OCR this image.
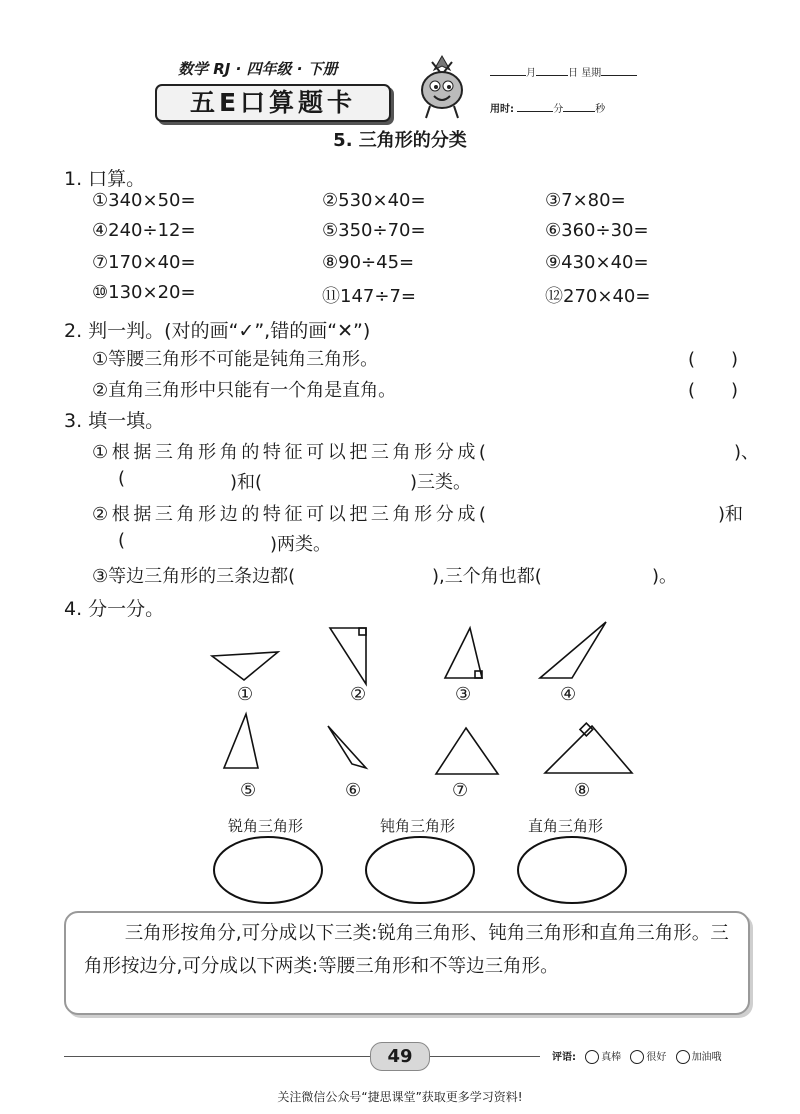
数学 RJ · 四年级 · 下册
五E口算题卡
月	日 星期
用时:	分	秒
5. 三角形的分类
1. 口算。
①340×50=	②530×40=	③7×80=
④240÷12=	⑤350÷70=	⑥360÷30=
⑦170×40=	⑧90÷45=	⑨430×40=
⑩130×20=	⑪147÷7=	⑫270×40=
2. 判一判。(对的画“✓”,错的画“✕”)
①等腰三角形不可能是钝角三角形。	(　　)
②直角三角形中只能有一个角是直角。	(　　)
3. 填一填。
①根据三角形角的特征可以把三角形分成(	)、
(	)和(	)三类。
②根据三角形边的特征可以把三角形分成(	)和
(	)两类。
③等边三角形的三条边都(	),三个角也都(	)。
4. 分一分。
①	②	③	④
⑤	⑥	⑦	⑧
锐角三角形	钝角三角形	直角三角形

三角形按角分,可分成以下三类:锐角三角形、钝角三角形和直角三角形。三角形按边分,可分成以下两类:等腰三角形和不等边三角形。

49	评语:	真棒	很好	加油哦
关注微信公众号“捷思课堂”获取更多学习资料!
